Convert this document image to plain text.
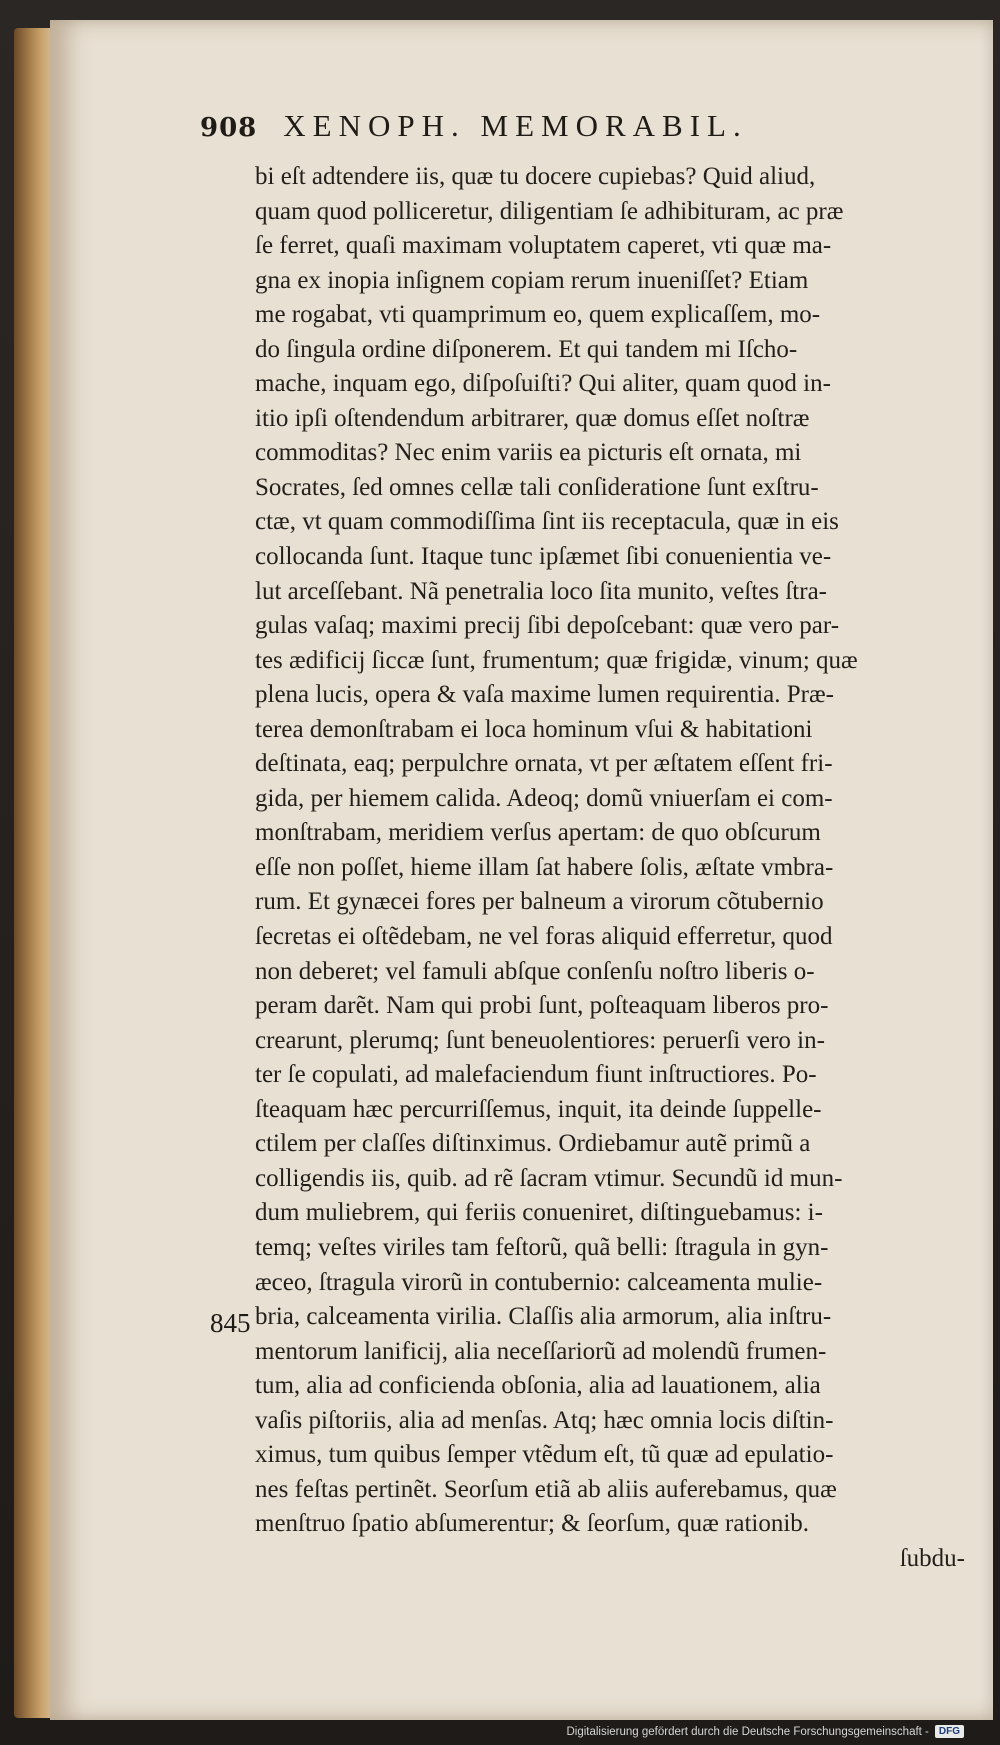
908 XENOPH. MEMORABIL.
bi eſt adtendere iis, quæ tu docere cupiebas? Quid aliud,
quam quod polliceretur, diligentiam ſe adhibituram, ac præ
ſe ferret, quaſi maximam voluptatem caperet, vti quæ ma-
gna ex inopia inſignem copiam rerum inueniſſet? Etiam
me rogabat, vti quamprimum eo, quem explicaſſem, mo-
do ſingula ordine diſponerem. Et qui tandem mi Iſcho-
mache, inquam ego, diſpoſuiſti? Qui aliter, quam quod in-
itio ipſi oſtendendum arbitrarer, quæ domus eſſet noſtræ
commoditas? Nec enim variis ea picturis eſt ornata, mi
Socrates, ſed omnes cellæ tali conſideratione ſunt exſtru-
ctæ, vt quam commodiſſima ſint iis receptacula, quæ in eis
collocanda ſunt. Itaque tunc ipſæmet ſibi conuenientia ve-
lut arceſſebant. Nã penetralia loco ſita munito, veſtes ſtra-
gulas vaſaq; maximi precij ſibi depoſcebant: quæ vero par-
tes ædificij ſiccæ ſunt, frumentum; quæ frigidæ, vinum; quæ
plena lucis, opera & vaſa maxime lumen requirentia. Præ-
terea demonſtrabam ei loca hominum vſui & habitationi
deſtinata, eaq; perpulchre ornata, vt per æſtatem eſſent fri-
gida, per hiemem calida. Adeoq; domũ vniuerſam ei com-
monſtrabam, meridiem verſus apertam: de quo obſcurum
eſſe non poſſet, hieme illam ſat habere ſolis, æſtate vmbra-
rum. Et gynæcei fores per balneum a virorum cõtubernio
ſecretas ei oſtẽdebam, ne vel foras aliquid efferretur, quod
non deberet; vel famuli abſque conſenſu noſtro liberis o-
peram darẽt. Nam qui probi ſunt, poſteaquam liberos pro-
crearunt, plerumq; ſunt beneuolentiores: peruerſi vero in-
ter ſe copulati, ad malefaciendum fiunt inſtructiores. Po-
ſteaquam hæc percurriſſemus, inquit, ita deinde ſuppelle-
ctilem per claſſes diſtinximus. Ordiebamur autẽ primũ a
colligendis iis, quib. ad rẽ ſacram vtimur. Secundũ id mun-
dum muliebrem, qui feriis conueniret, diſtinguebamus: i-
temq; veſtes viriles tam feſtorũ, quã belli: ſtragula in gyn-
æceo, ſtragula virorũ in contubernio: calceamenta mulie-
bria, calceamenta virilia. Claſſis alia armorum, alia inſtru-
mentorum lanificij, alia neceſſariorũ ad molendũ frumen-
tum, alia ad conficienda obſonia, alia ad lauationem, alia
vaſis piſtoriis, alia ad menſas. Atq; hæc omnia locis diſtin-
ximus, tum quibus ſemper vtẽdum eſt, tũ quæ ad epulatio-
nes feſtas pertinẽt. Seorſum etiã ab aliis auferebamus, quæ
menſtruo ſpatio abſumerentur; & ſeorſum, quæ rationib.
ſubdu-
845
Digitalisierung gefördert durch die Deutsche Forschungsgemeinschaft -	DFG
